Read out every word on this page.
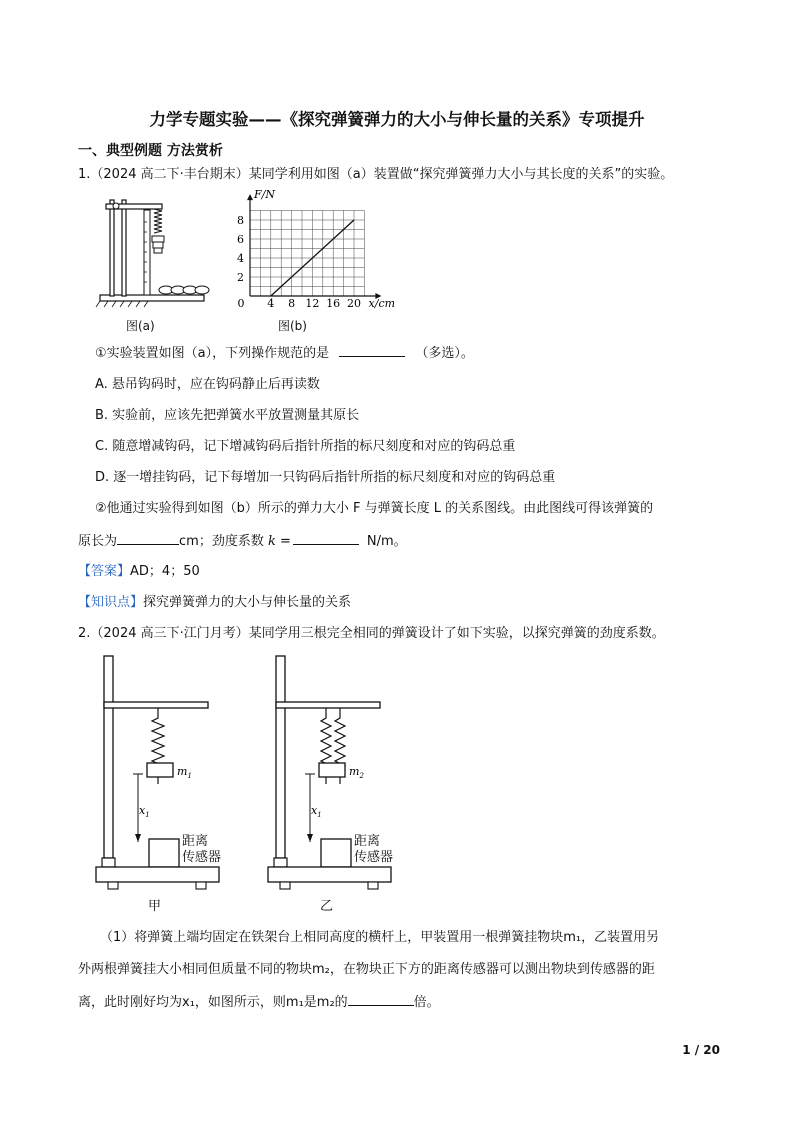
力学专题实验——《探究弹簧弹力的大小与伸长量的关系》专项提升
一、典型例题 方法赏析
1.（2024 高二下·丰台期末）某同学利用如图（a）装置做“探究弹簧弹力大小与其长度的关系”的实验。
图(a)
0 4 8 12 16 20
2
4
6
8
x/cm
F/N
图(b)
①实验装置如图（a），下列操作规范的是	（多选）。
A. 悬吊钩码时，应在钩码静止后再读数
B. 实验前，应该先把弹簧水平放置测量其原长
C. 随意增减钩码，记下增减钩码后指针所指的标尺刻度和对应的钩码总重
D. 逐一增挂钩码，记下每增加一只钩码后指针所指的标尺刻度和对应的钩码总重
②他通过实验得到如图（b）所示的弹力大小 F 与弹簧长度 L 的关系图线。由此图线可得该弹簧的
原长为	cm；劲度系数 k =	N/m。
【答案】AD；4；50
【知识点】探究弹簧弹力的大小与伸长量的关系
2.（2024 高三下·江门月考）某同学用三根完全相同的弹簧设计了如下实验，以探究弹簧的劲度系数。
$m_1$
$x_1$
距离
传感器
甲
$m_2$
$x_1$
距离
传感器
乙
（1）将弹簧上端均固定在铁架台上相同高度的横杆上，甲装置用一根弹簧挂物块m₁，乙装置用另
外两根弹簧挂大小相同但质量不同的物块m₂，在物块正下方的距离传感器可以测出物块到传感器的距
离，此时刚好均为x₁，如图所示，则m₁是m₂的	倍。
1 / 20
